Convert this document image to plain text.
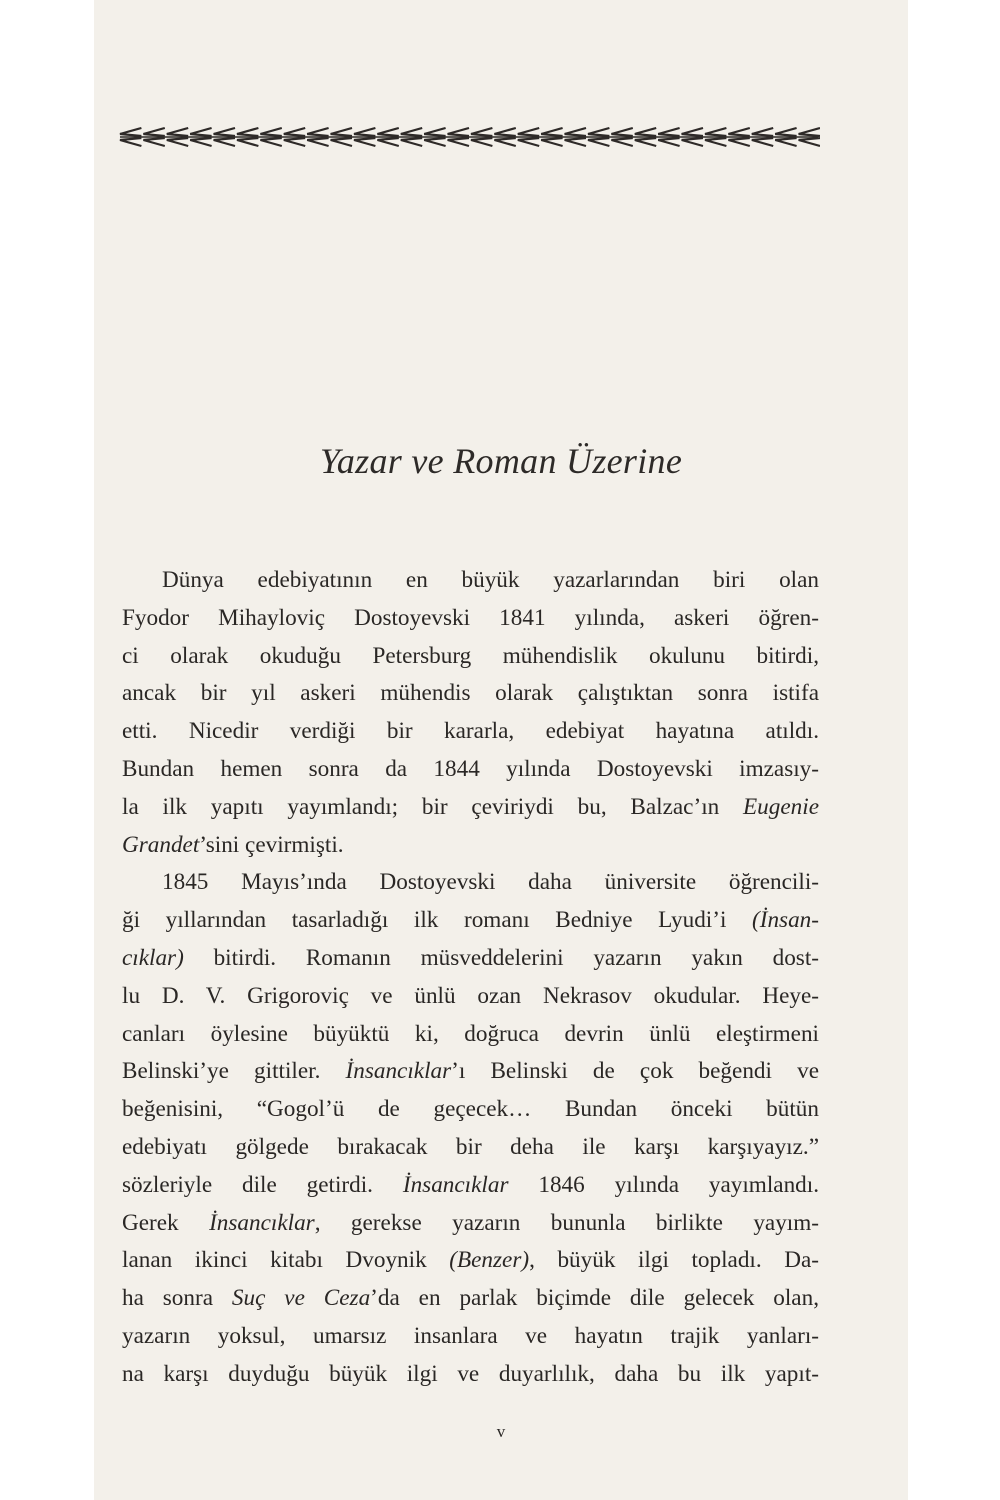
Yazar ve Roman Üzerine
Dünya edebiyatının en büyük yazarlarından biri olan
Fyodor Mihayloviç Dostoyevski 1841 yılında, askeri öğren-
ci olarak okuduğu Petersburg mühendislik okulunu bitirdi,
ancak bir yıl askeri mühendis olarak çalıştıktan sonra istifa
etti. Nicedir verdiği bir kararla, edebiyat hayatına atıldı.
Bundan hemen sonra da 1844 yılında Dostoyevski imzasıy-
la ilk yapıtı yayımlandı; bir çeviriydi bu, Balzac’ın Eugenie
Grandet’sini çevirmişti.
1845 Mayıs’ında Dostoyevski daha üniversite öğrencili-
ği yıllarından tasarladığı ilk romanı Bedniye Lyudi’i (İnsan-
cıklar) bitirdi. Romanın müsveddelerini yazarın yakın dost-
lu D. V. Grigoroviç ve ünlü ozan Nekrasov okudular. Heye-
canları öylesine büyüktü ki, doğruca devrin ünlü eleştirmeni
Belinski’ye gittiler. İnsancıklar’ı Belinski de çok beğendi ve
beğenisini, “Gogol’ü de geçecek… Bundan önceki bütün
edebiyatı gölgede bırakacak bir deha ile karşı karşıyayız.”
sözleriyle dile getirdi. İnsancıklar 1846 yılında yayımlandı.
Gerek İnsancıklar, gerekse yazarın bununla birlikte yayım-
lanan ikinci kitabı Dvoynik (Benzer), büyük ilgi topladı. Da-
ha sonra Suç ve Ceza’da en parlak biçimde dile gelecek olan,
yazarın yoksul, umarsız insanlara ve hayatın trajik yanları-
na karşı duyduğu büyük ilgi ve duyarlılık, daha bu ilk yapıt-
v
